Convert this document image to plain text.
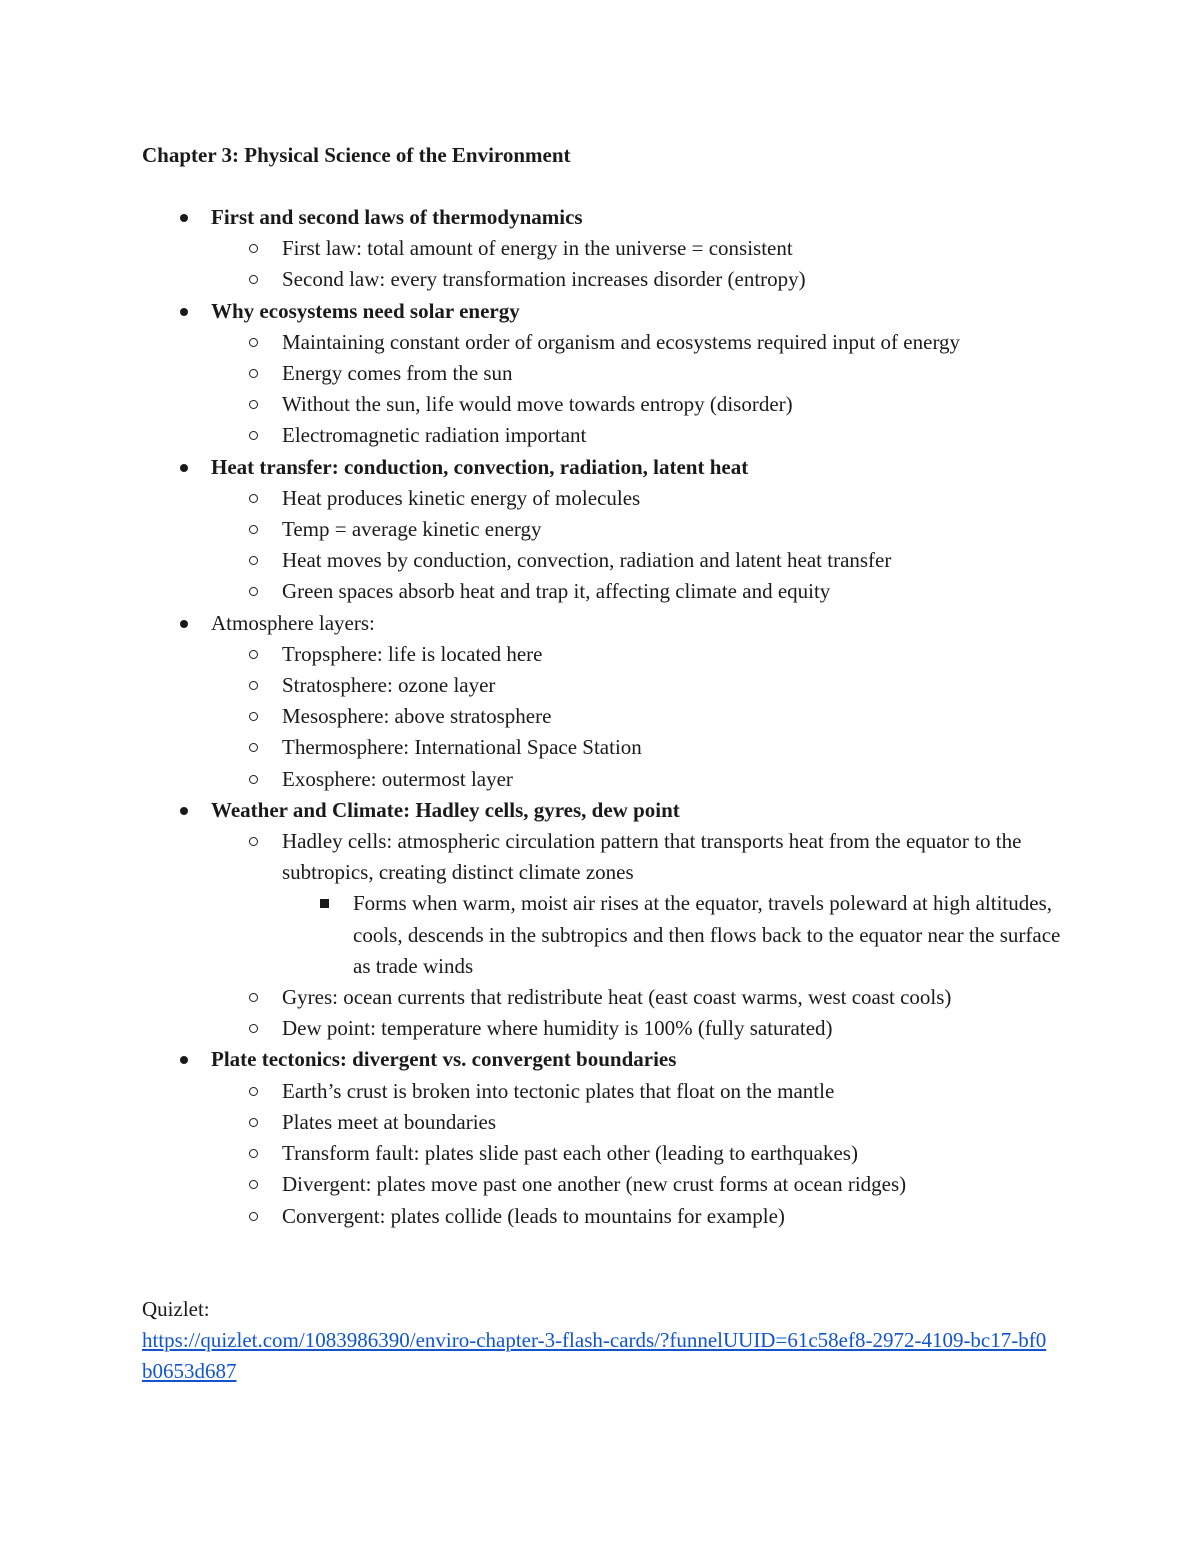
Chapter 3: Physical Science of the Environment

First and second laws of thermodynamics
First law: total amount of energy in the universe = consistent
Second law: every transformation increases disorder (entropy)
Why ecosystems need solar energy
Maintaining constant order of organism and ecosystems required input of energy
Energy comes from the sun
Without the sun, life would move towards entropy (disorder)
Electromagnetic radiation important
Heat transfer: conduction, convection, radiation, latent heat
Heat produces kinetic energy of molecules
Temp = average kinetic energy
Heat moves by conduction, convection, radiation and latent heat transfer
Green spaces absorb heat and trap it, affecting climate and equity
Atmosphere layers:
Tropsphere: life is located here
Stratosphere: ozone layer
Mesosphere: above stratosphere
Thermosphere: International Space Station
Exosphere: outermost layer
Weather and Climate: Hadley cells, gyres, dew point
Hadley cells: atmospheric circulation pattern that transports heat from the equator to the subtropics, creating distinct climate zones
Forms when warm, moist air rises at the equator, travels poleward at high altitudes, cools, descends in the subtropics and then flows back to the equator near the surface as trade winds
Gyres: ocean currents that redistribute heat (east coast warms, west coast cools)
Dew point: temperature where humidity is 100% (fully saturated)
Plate tectonics: divergent vs. convergent boundaries
Earth’s crust is broken into tectonic plates that float on the mantle
Plates meet at boundaries
Transform fault: plates slide past each other (leading to earthquakes)
Divergent: plates move past one another (new crust forms at ocean ridges)
Convergent: plates collide (leads to mountains for example)
Quizlet:
https://quizlet.com/1083986390/enviro-chapter-3-flash-cards/?funnelUUID=61c58ef8-2972-4109-bc17-bf0b0653d687
